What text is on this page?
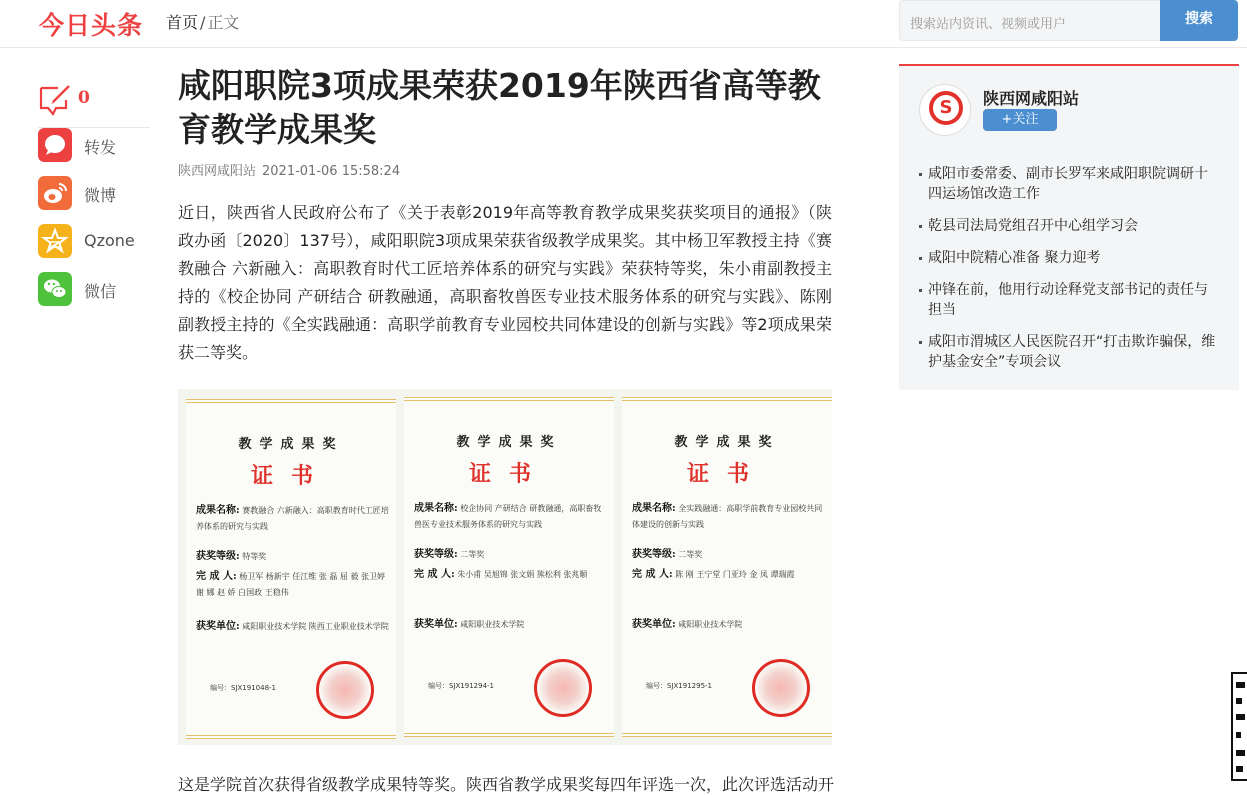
今日头条 首页 / 正文	搜索站内资讯、视频或用户	搜索
0
转发
微博
Qzone
微信
咸阳职院3项成果荣获2019年陕西省高等教育教学成果奖
陕西网咸阳站 2021-01-06 15:58:24

近日，陕西省人民政府公布了《关于表彰2019年高等教育教学成果奖获奖项目的通报》（陕政办函〔2020〕137号），咸阳职院3项成果荣获省级教学成果奖。其中杨卫军教授主持《赛教融合 六新融入：高职教育时代工匠培养体系的研究与实践》荣获特等奖，朱小甫副教授主持的《校企协同 产研结合 研教融通，高职畜牧兽医专业技术服务体系的研究与实践》、陈刚副教授主持的《全实践融通：高职学前教育专业园校共同体建设的创新与实践》等2项成果荣获二等奖。

教学成果奖
证书
成果名称: 赛教融合 六新融入：高职教育时代工匠培养体系的研究与实践
获奖等级: 特等奖
完 成 人: 杨卫军 杨新宇 任江维 张 磊 屈 毅 张卫婷 谢 娜 赵 娇 白国政 王稳伟
获奖单位: 咸阳职业技术学院 陕西工业职业技术学院
编号：SJX191048-1
教学成果奖
证书
成果名称: 校企协同 产研结合 研教融通，高职畜牧兽医专业技术服务体系的研究与实践
获奖等级: 二等奖
完 成 人: 朱小甫 吴旭锦 张文娟 熊松利 张兆顺
获奖单位: 咸阳职业技术学院
编号：SJX191294-1
教学成果奖
证书
成果名称: 全实践融通：高职学前教育专业园校共同体建设的创新与实践
获奖等级: 二等奖
完 成 人: 陈 刚 王宁堂 门亚玲 金 凤 谭瑞霞
获奖单位: 咸阳职业技术学院
编号：SJX191295-1
这是学院首次获得省级教学成果特等奖。陕西省教学成果奖每四年评选一次，此次评选活动开
S	陕西网咸阳站
+关注
咸阳市委常委、副市长罗军来咸阳职院调研十四运场馆改造工作
乾县司法局党组召开中心组学习会
咸阳中院精心准备 聚力迎考
冲锋在前，他用行动诠释党支部书记的责任与担当
咸阳市渭城区人民医院召开“打击欺诈骗保，维护基金安全”专项会议
